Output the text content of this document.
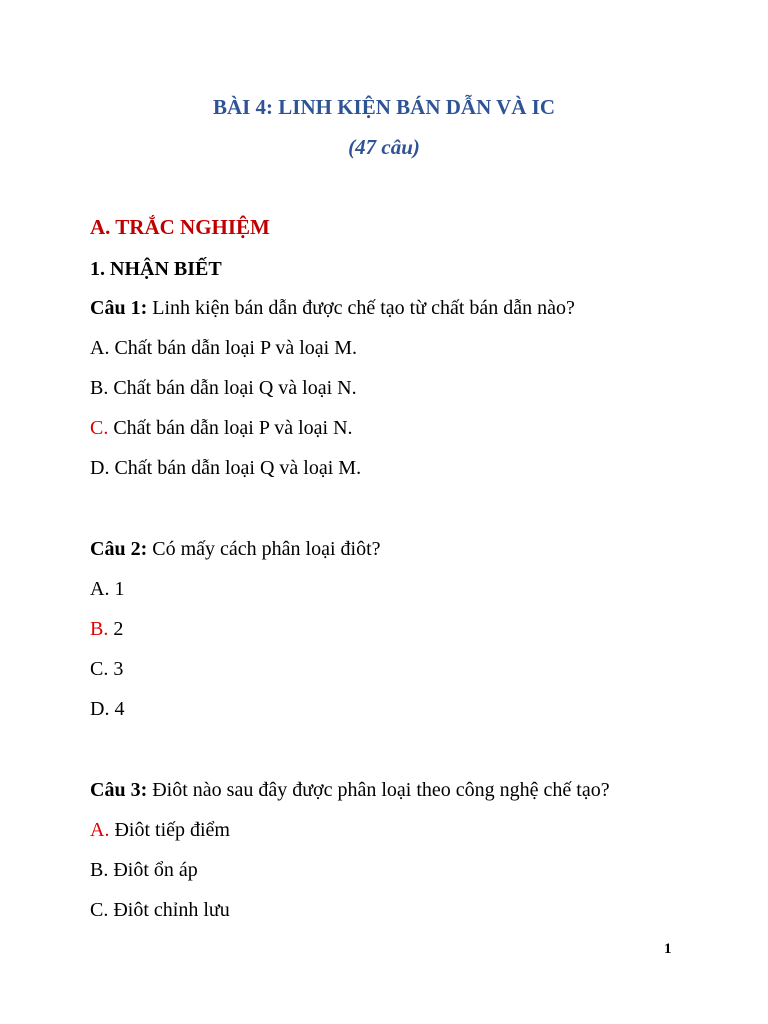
BÀI 4: LINH KIỆN BÁN DẪN VÀ IC
(47 câu)
A. TRẮC NGHIỆM
1. NHẬN BIẾT
Câu 1: Linh kiện bán dẫn được chế tạo từ chất bán dẫn nào?
A. Chất bán dẫn loại P và loại M.
B. Chất bán dẫn loại Q và loại N.
C. Chất bán dẫn loại P và loại N.
D. Chất bán dẫn loại Q và loại M.
Câu 2: Có mấy cách phân loại điôt?
A. 1
B. 2
C. 3
D. 4
Câu 3: Điôt nào sau đây được phân loại theo công nghệ chế tạo?
A. Điôt tiếp điểm
B. Điôt ổn áp
C. Điôt chỉnh lưu
1
